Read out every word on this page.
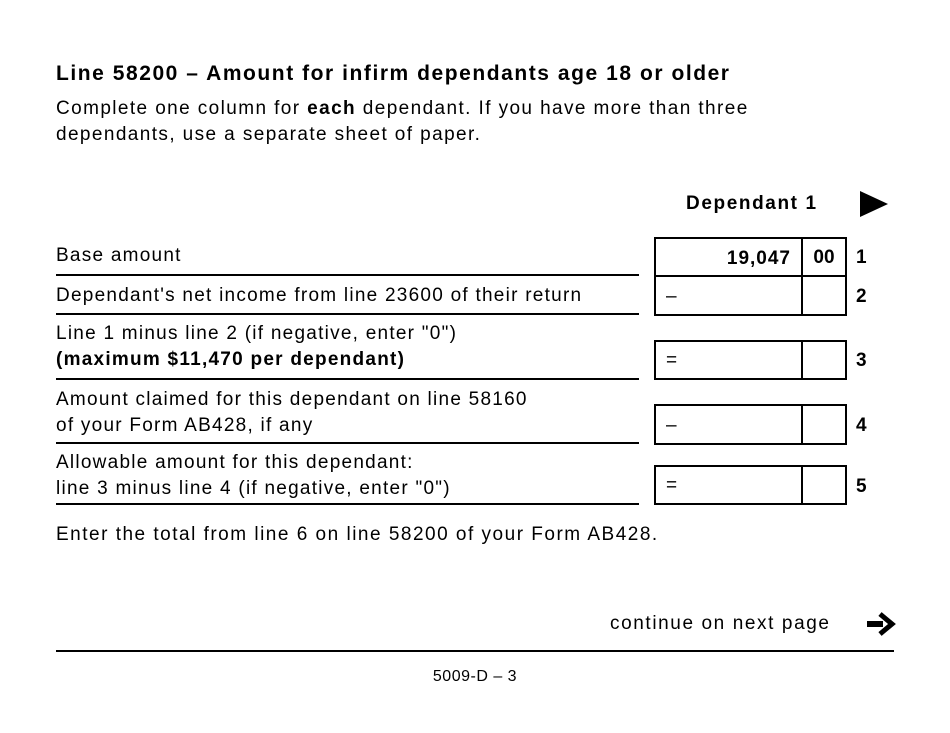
Line 58200 – Amount for infirm dependants age 18 or older
Complete one column for each dependant. If you have more than three
dependants, use a separate sheet of paper.
Dependant 1
Base amount	19,047	00	1
Dependant's net income from line 23600 of their return	–	2
Line 1 minus line 2 (if negative, enter "0")
(maximum $11,470 per dependant)	=	3
Amount claimed for this dependant on line 58160
of your Form AB428, if any	–	4
Allowable amount for this dependant:
line 3 minus line 4 (if negative, enter "0")	=	5
Enter the total from line 6 on line 58200 of your Form AB428.
continue on next page
5009-D – 3
